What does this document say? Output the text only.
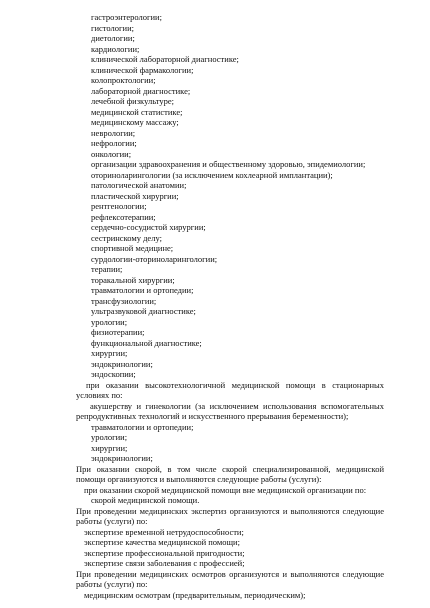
гастроэнтерологии;
гистологии;
диетологии;
кардиологии;
клинической лабораторной диагностике;
клинической фармакологии;
колопроктологии;
лабораторной диагностике;
лечебной физкультуре;
медицинской статистике;
медицинскому массажу;
неврологии;
нефрологии;
онкологии;
организации здравоохранения и общественному здоровью, эпидемиологии;
оториноларингологии (за исключением кохлеарной имплантации);
патологической анатомии;
пластической хирургии;
рентгенологии;
рефлексотерапии;
сердечно-сосудистой хирургии;
сестринскому делу;
спортивной медицине;
сурдологии-оториноларингологии;
терапии;
торакальной хирургии;
травматологии и ортопедии;
трансфузиологии;
ультразвуковой диагностике;
урологии;
физиотерапии;
функциональной диагностике;
хирургии;
эндокринологии;
эндоскопии;
при оказании высокотехнологичной медицинской помощи в стационарных условиях по:
акушерству и гинекологии (за исключением использования вспомогательных репродуктивных технологий и искусственного прерывания беременности);
травматологии и ортопедии;
урологии;
хирургии;
эндокринологии;
При оказании скорой, в том числе скорой специализированной, медицинской помощи организуются и выполняются следующие работы (услуги):
при оказании скорой медицинской помощи вне медицинской организации по:
скорой медицинской помощи.
При проведении медицинских экспертиз организуются и выполняются следующие работы (услуги) по:
экспертизе временной нетрудоспособности;
экспертизе качества медицинской помощи;
экспертизе профессиональной пригодности;
экспертизе связи заболевания с профессией;
При проведении медицинских осмотров организуются и выполняются следующие работы (услуги) по:
медицинским осмотрам (предварительным, периодическим);
